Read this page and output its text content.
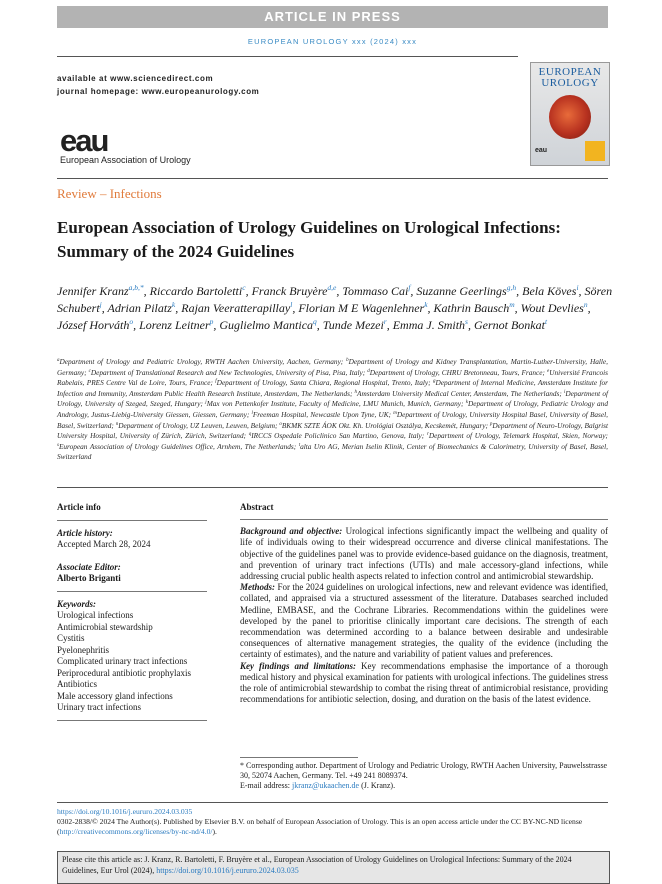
ARTICLE IN PRESS
EUROPEAN UROLOGY xxx (2024) xxx
available at www.sciencedirect.com
journal homepage: www.europeanurology.com
EUROPEAN
UROLOGY
eau
eau
European Association of Urology
Review – Infections
European Association of Urology Guidelines on Urological Infections: Summary of the 2024 Guidelines
Jennifer Kranz$^{a,b,*}$, Riccardo Bartoletti$^c$, Franck Bruyère$^{d,e}$, Tommaso Cai$^f$, Suzanne Geerlings$^{g,h}$, Bela Köves$^i$, Sören Schubert$^j$, Adrian Pilatz$^k$, Rajan Veeratterapillay$^l$, Florian M E Wagenlehner$^k$, Kathrin Bausch$^m$, Wout Devlies$^n$, József Horváth$^o$, Lorenz Leitner$^p$, Guglielmo Mantica$^q$, Tunde Mezei$^r$, Emma J. Smith$^s$, Gernot Bonkat$^t$
$^a$Department of Urology and Pediatric Urology, RWTH Aachen University, Aachen, Germany; $^b$Department of Urology and Kidney Transplantation, Martin-Luther-University, Halle, Germany; $^c$Department of Translational Research and New Technologies, University of Pisa, Pisa, Italy; $^d$Department of Urology, CHRU Bretonneau, Tours, France; $^e$Université Francois Rabelais, PRES Centre Val de Loire, Tours, France; $^f$Department of Urology, Santa Chiara, Regional Hospital, Trento, Italy; $^g$Department of Internal Medicine, Amsterdam Institute for Infection and Immunity, Amsterdam Public Health Research Institute, Amsterdam, The Netherlands; $^h$Amsterdam University Medical Center, Amsterdam, The Netherlands; $^i$Department of Urology, University of Szeged, Szeged, Hungary; $^j$Max von Pettenkofer Institute, Faculty of Medicine, LMU Munich, Munich, Germany; $^k$Department of Urology, Pediatric Urology and Andrology, Justus-Liebig-University Giessen, Giessen, Germany; $^l$Freeman Hospital, Newcastle Upon Tyne, UK; $^m$Department of Urology, University Hospital Basel, University of Basel, Basel, Switzerland; $^n$Department of Urology, UZ Leuven, Leuven, Belgium; $^o$BKMK SZTE ÁOK Okt. Kh. Urológiai Osztálya, Kecskemét, Hungary; $^p$Department of Neuro-Urology, Balgrist University Hospital, University of Zürich, Zürich, Switzerland; $^q$IRCCS Ospedale Policlinico San Martino, Genova, Italy; $^r$Department of Urology, Telemark Hospital, Skien, Norway; $^s$European Association of Urology Guidelines Office, Arnhem, The Netherlands; $^t$alta Uro AG, Merian Iselin Klinik, Center of Biomechanics & Calorimetry, University of Basel, Basel, Switzerland
Article info
Article history:
Accepted March 28, 2024
Associate Editor:
Alberto Briganti
Keywords:
Urological infections
Antimicrobial stewardship
Cystitis
Pyelonephritis
Complicated urinary tract infections
Periprocedural antibiotic prophylaxis
Antibiotics
Male accessory gland infections
Urinary tract infections
Abstract

Background and objective: Urological infections significantly impact the wellbeing and quality of life of individuals owing to their widespread occurrence and diverse clinical manifestations. The objective of the guidelines panel was to provide evidence-based guidance on the diagnosis, treatment, and prevention of urinary tract infections (UTIs) and male accessory-gland infections, while addressing crucial public health aspects related to infection control and antimicrobial stewardship.

Methods: For the 2024 guidelines on urological infections, new and relevant evidence was identified, collated, and appraised via a structured assessment of the literature. Databases searched included Medline, EMBASE, and the Cochrane Libraries. Recommendations within the guidelines were developed by the panel to prioritise clinically important care decisions. The strength of each recommendation was determined according to a balance between desirable and undesirable consequences of alternative management strategies, the quality of the evidence (including the certainty of estimates), and the nature and variability of patient values and preferences.

Key findings and limitations: Key recommendations emphasise the importance of a thorough medical history and physical examination for patients with urological infections. The guidelines stress the role of antimicrobial stewardship to combat the rising threat of antimicrobial resistance, providing recommendations for antibiotic selection, dosing, and duration on the basis of the latest evidence.

* Corresponding author. Department of Urology and Pediatric Urology, RWTH Aachen University, Pauwelsstrasse 30, 52074 Aachen, Germany. Tel. +49 241 8089374.
E-mail address: jkranz@ukaachen.de (J. Kranz).
https://doi.org/10.1016/j.eururo.2024.03.035
0302-2838/© 2024 The Author(s). Published by Elsevier B.V. on behalf of European Association of Urology. This is an open access article under the CC BY-NC-ND license (http://creativecommons.org/licenses/by-nc-nd/4.0/).
Please cite this article as: J. Kranz, R. Bartoletti, F. Bruyère et al., European Association of Urology Guidelines on Urological Infections: Summary of the 2024 Guidelines, Eur Urol (2024), https://doi.org/10.1016/j.eururo.2024.03.035
